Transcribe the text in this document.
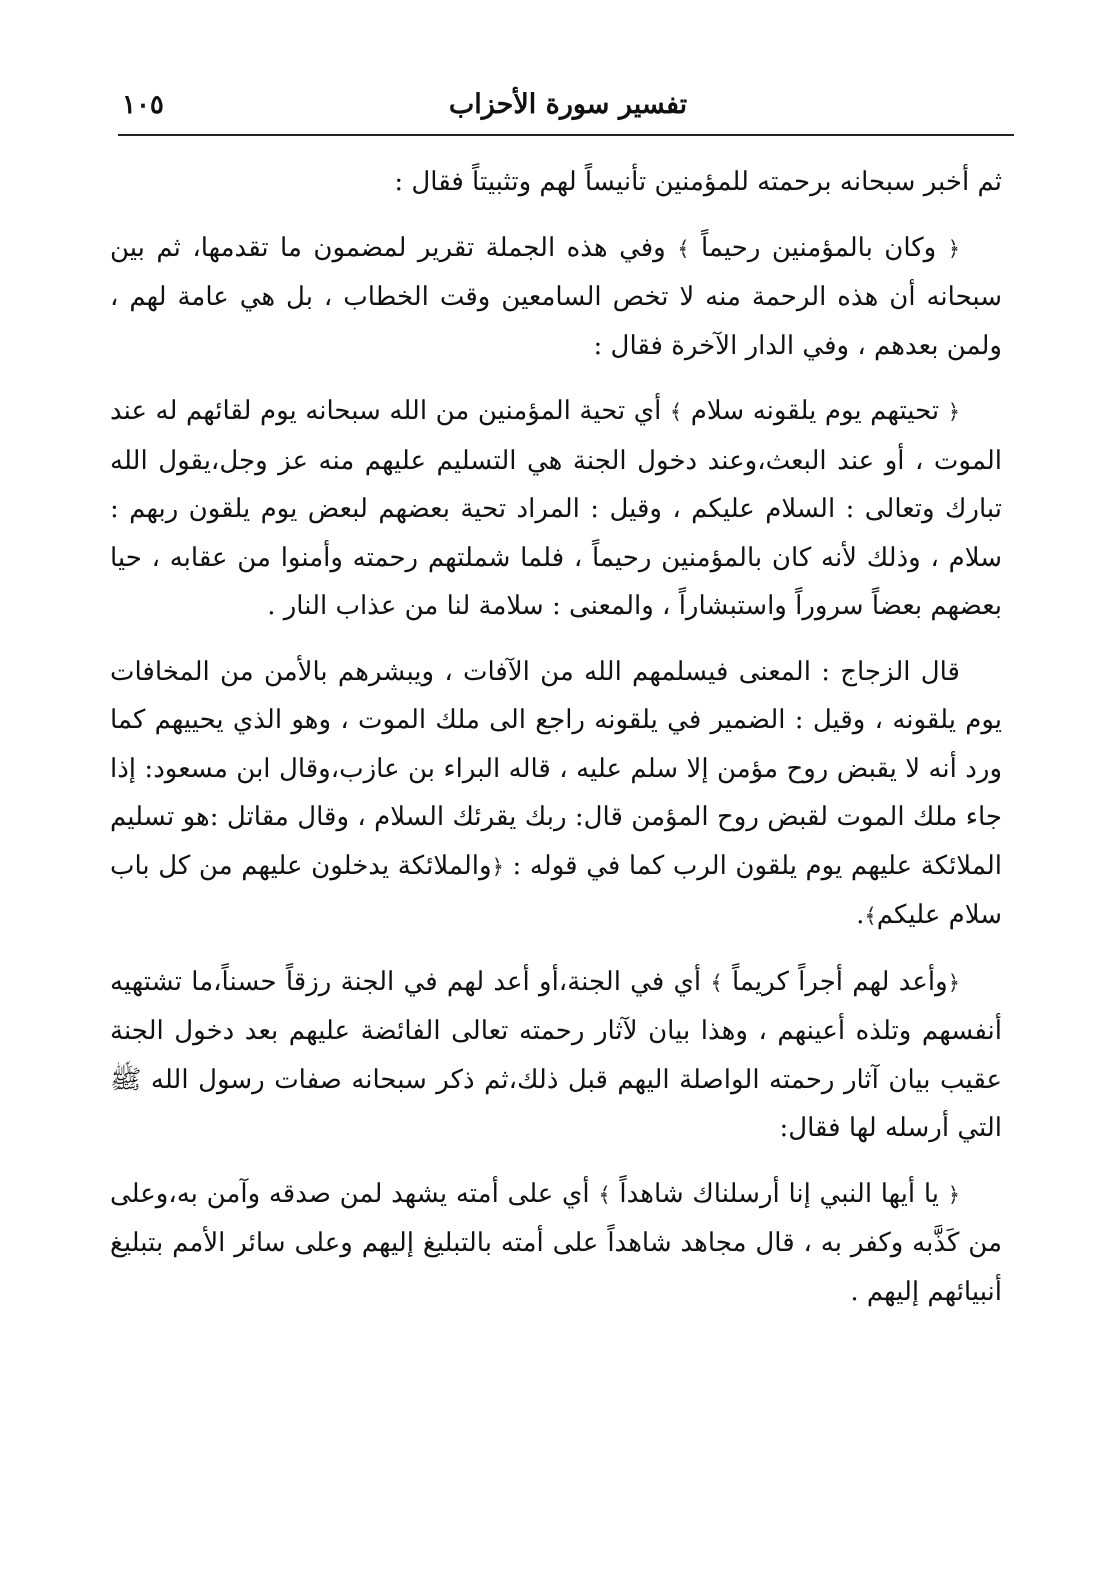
تفسير سورة الأحزاب
١٠٥

ثم أخبر سبحانه برحمته للمؤمنين تأنيساً لهم وتثبيتاً فقال :

﴿ وكان بالمؤمنين رحيماً ﴾ وفي هذه الجملة تقرير لمضمون ما تقدمها، ثم بين سبحانه أن هذه الرحمة منه لا تخص السامعين وقت الخطاب ، بل هي عامة لهم ، ولمن بعدهم ، وفي الدار الآخرة فقال :

﴿ تحيتهم يوم يلقونه سلام ﴾ أي تحية المؤمنين من الله سبحانه يوم لقائهم له عند الموت ، أو عند البعث،وعند دخول الجنة هي التسليم عليهم منه عز وجل،يقول الله تبارك وتعالى : السلام عليكم ، وقيل : المراد تحية بعضهم لبعض يوم يلقون ربهم : سلام ، وذلك لأنه كان بالمؤمنين رحيماً ، فلما شملتهم رحمته وأمنوا من عقابه ، حيا بعضهم بعضاً سروراً واستبشاراً ، والمعنى : سلامة لنا من عذاب النار .

قال الزجاج : المعنى فيسلمهم الله من الآفات ، ويبشرهم بالأمن من المخافات يوم يلقونه ، وقيل : الضمير في يلقونه راجع الى ملك الموت ، وهو الذي يحييهم كما ورد أنه لا يقبض روح مؤمن إلا سلم عليه ، قاله البراء بن عازب،وقال ابن مسعود: إذا جاء ملك الموت لقبض روح المؤمن قال: ربك يقرئك السلام ، وقال مقاتل :هو تسليم الملائكة عليهم يوم يلقون الرب كما في قوله : ﴿والملائكة يدخلون عليهم من كل باب سلام عليكم﴾.

﴿وأعد لهم أجراً كريماً ﴾ أي في الجنة،أو أعد لهم في الجنة رزقاً حسناً،ما تشتهيه أنفسهم وتلذه أعينهم ، وهذا بيان لآثار رحمته تعالى الفائضة عليهم بعد دخول الجنة عقيب بيان آثار رحمته الواصلة اليهم قبل ذلك،ثم ذكر سبحانه صفات رسول الله ﷺ التي أرسله لها فقال:

﴿ يا أيها النبي إنا أرسلناك شاهداً ﴾ أي على أمته يشهد لمن صدقه وآمن به،وعلى من كَذَّبه وكفر به ، قال مجاهد شاهداً على أمته بالتبليغ إليهم وعلى سائر الأمم بتبليغ أنبيائهم إليهم .
